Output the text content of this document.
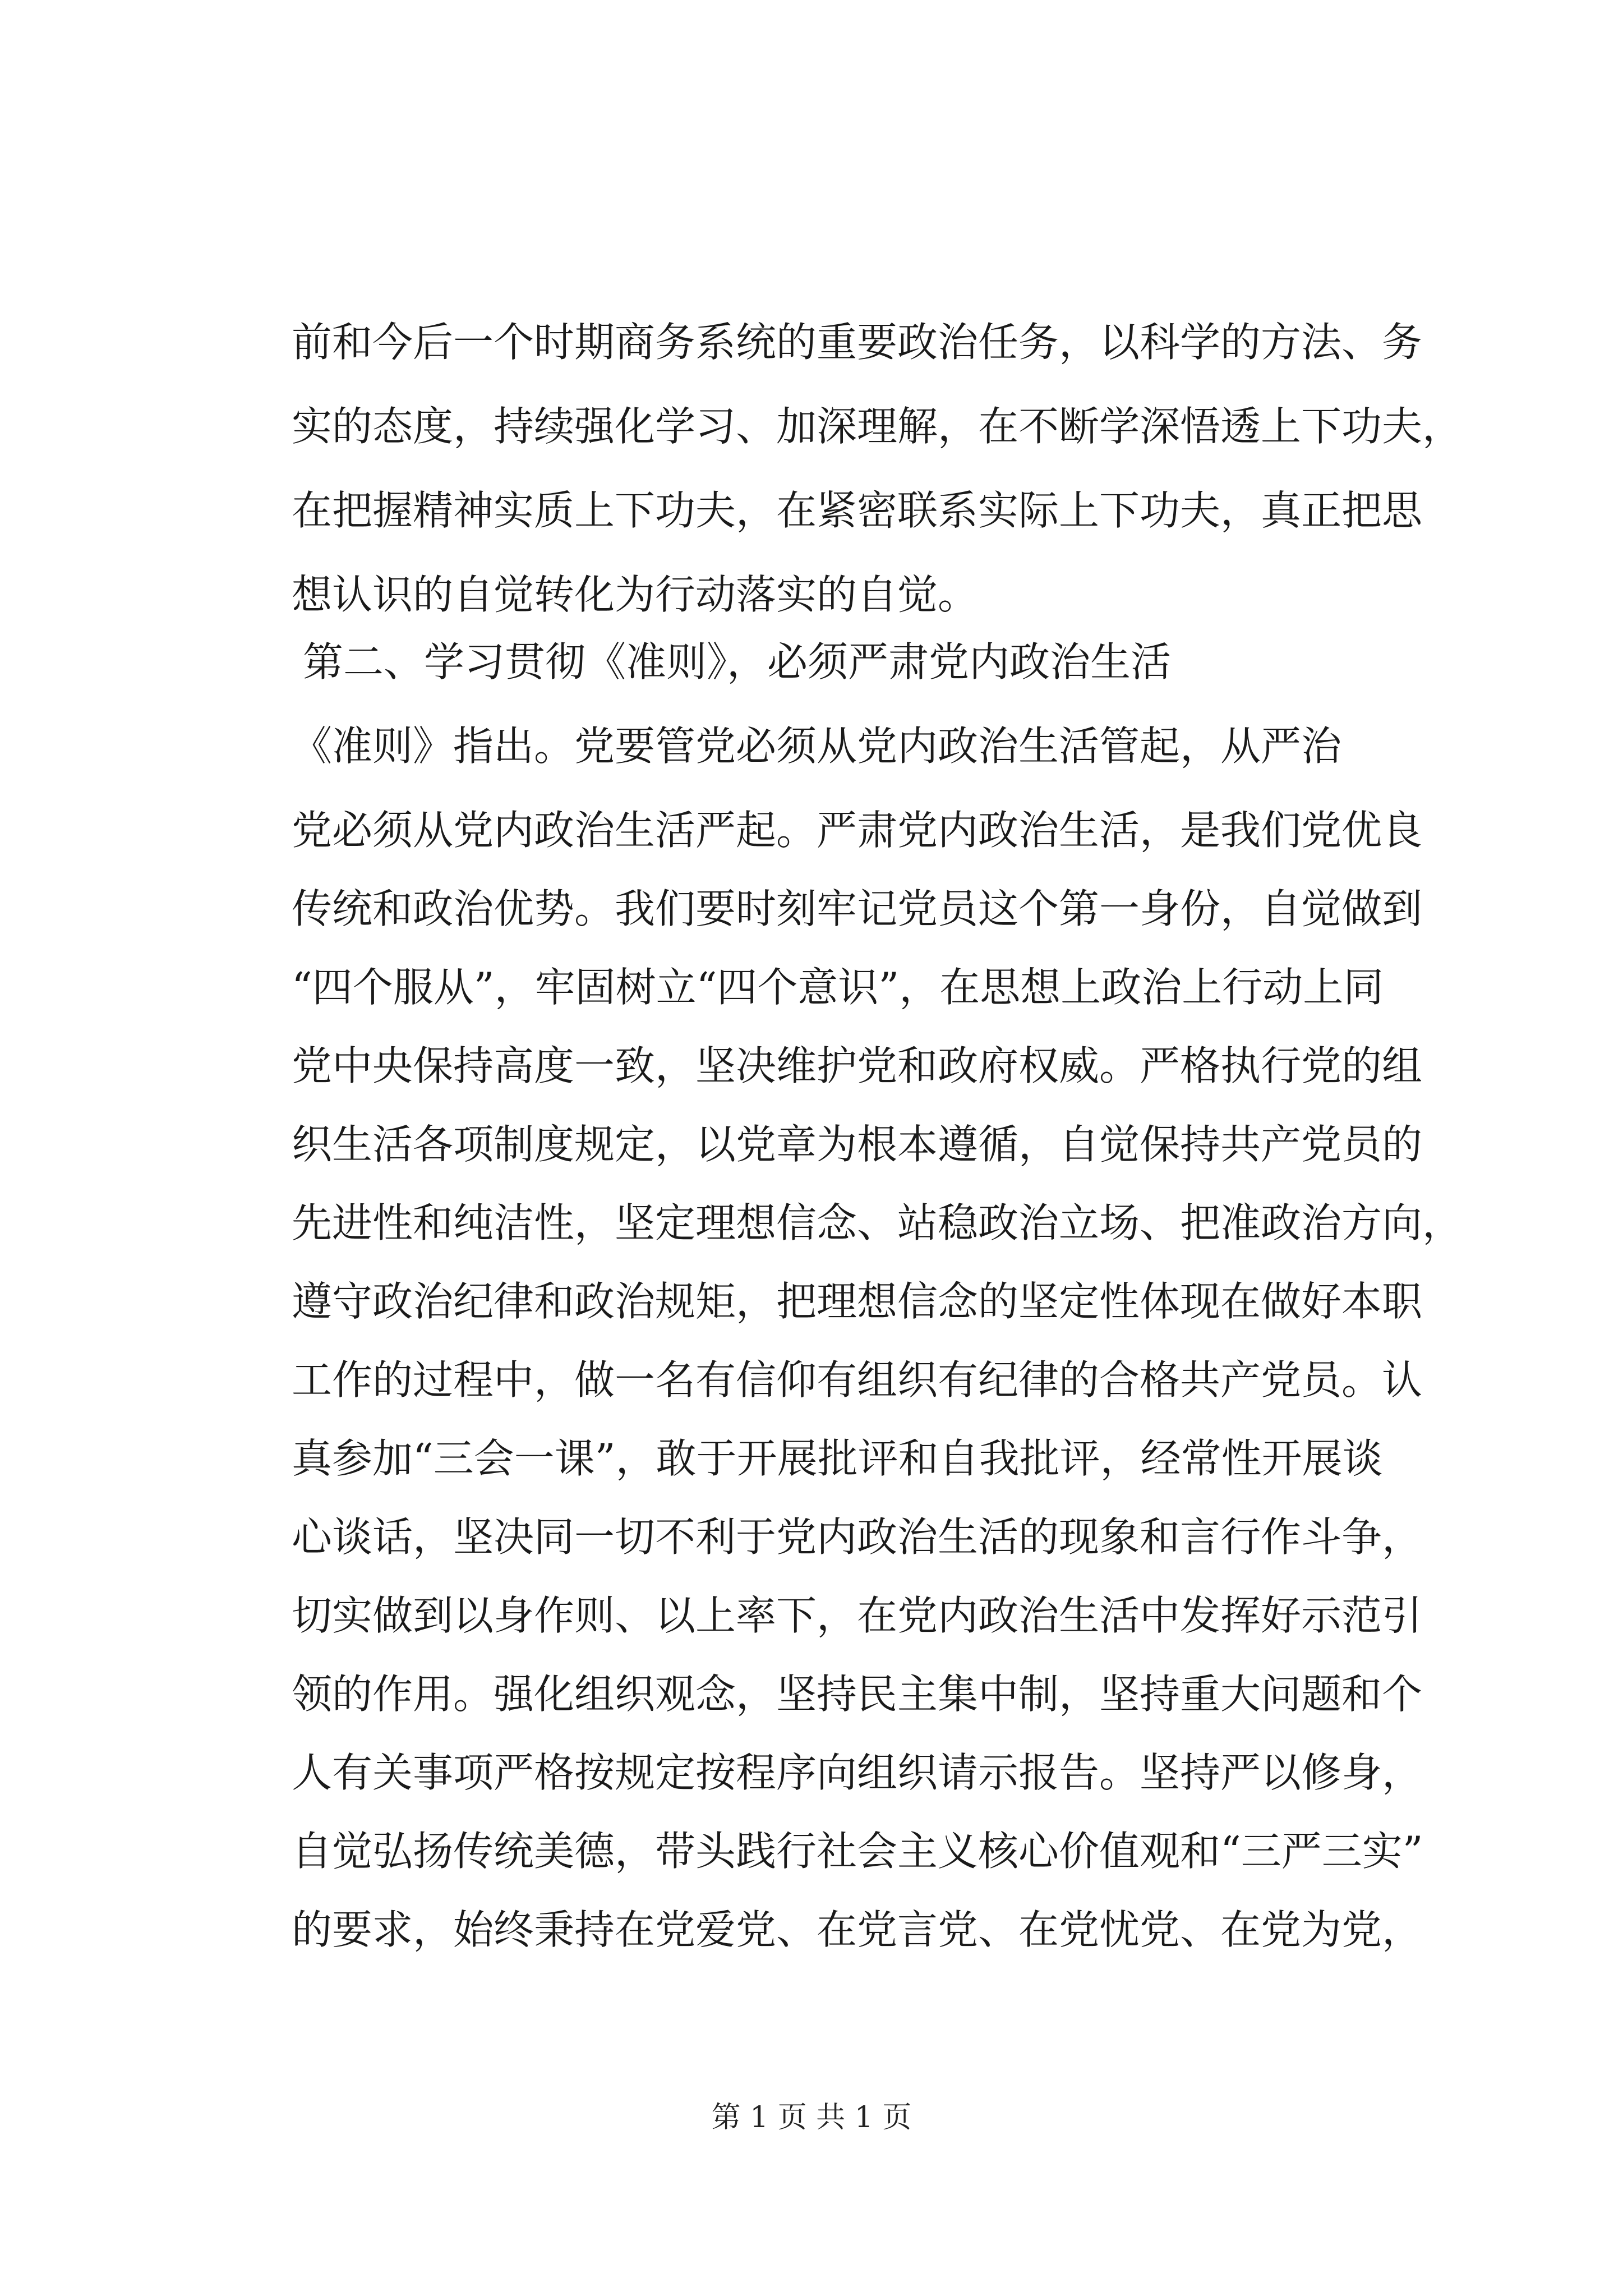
前和今后一个时期商务系统的重要政治任务，以科学的方法、务
实的态度，持续强化学习、加深理解，在不断学深悟透上下功夫，
在把握精神实质上下功夫，在紧密联系实际上下功夫，真正把思
想认识的自觉转化为行动落实的自觉。
第二、学习贯彻《准则》，必须严肃党内政治生活
《准则》指出。党要管党必须从党内政治生活管起，从严治
党必须从党内政治生活严起。严肃党内政治生活，是我们党优良
传统和政治优势。我们要时刻牢记党员这个第一身份，自觉做到
“四个服从”，牢固树立“四个意识”，在思想上政治上行动上同
党中央保持高度一致，坚决维护党和政府权威。严格执行党的组
织生活各项制度规定，以党章为根本遵循，自觉保持共产党员的
先进性和纯洁性，坚定理想信念、站稳政治立场、把准政治方向，
遵守政治纪律和政治规矩，把理想信念的坚定性体现在做好本职
工作的过程中，做一名有信仰有组织有纪律的合格共产党员。认
真参加“三会一课”，敢于开展批评和自我批评，经常性开展谈
心谈话，坚决同一切不利于党内政治生活的现象和言行作斗争，
切实做到以身作则、以上率下，在党内政治生活中发挥好示范引
领的作用。强化组织观念，坚持民主集中制，坚持重大问题和个
人有关事项严格按规定按程序向组织请示报告。坚持严以修身，
自觉弘扬传统美德，带头践行社会主义核心价值观和“三严三实”
的要求，始终秉持在党爱党、在党言党、在党忧党、在党为党，
第 1 页 共 1 页
